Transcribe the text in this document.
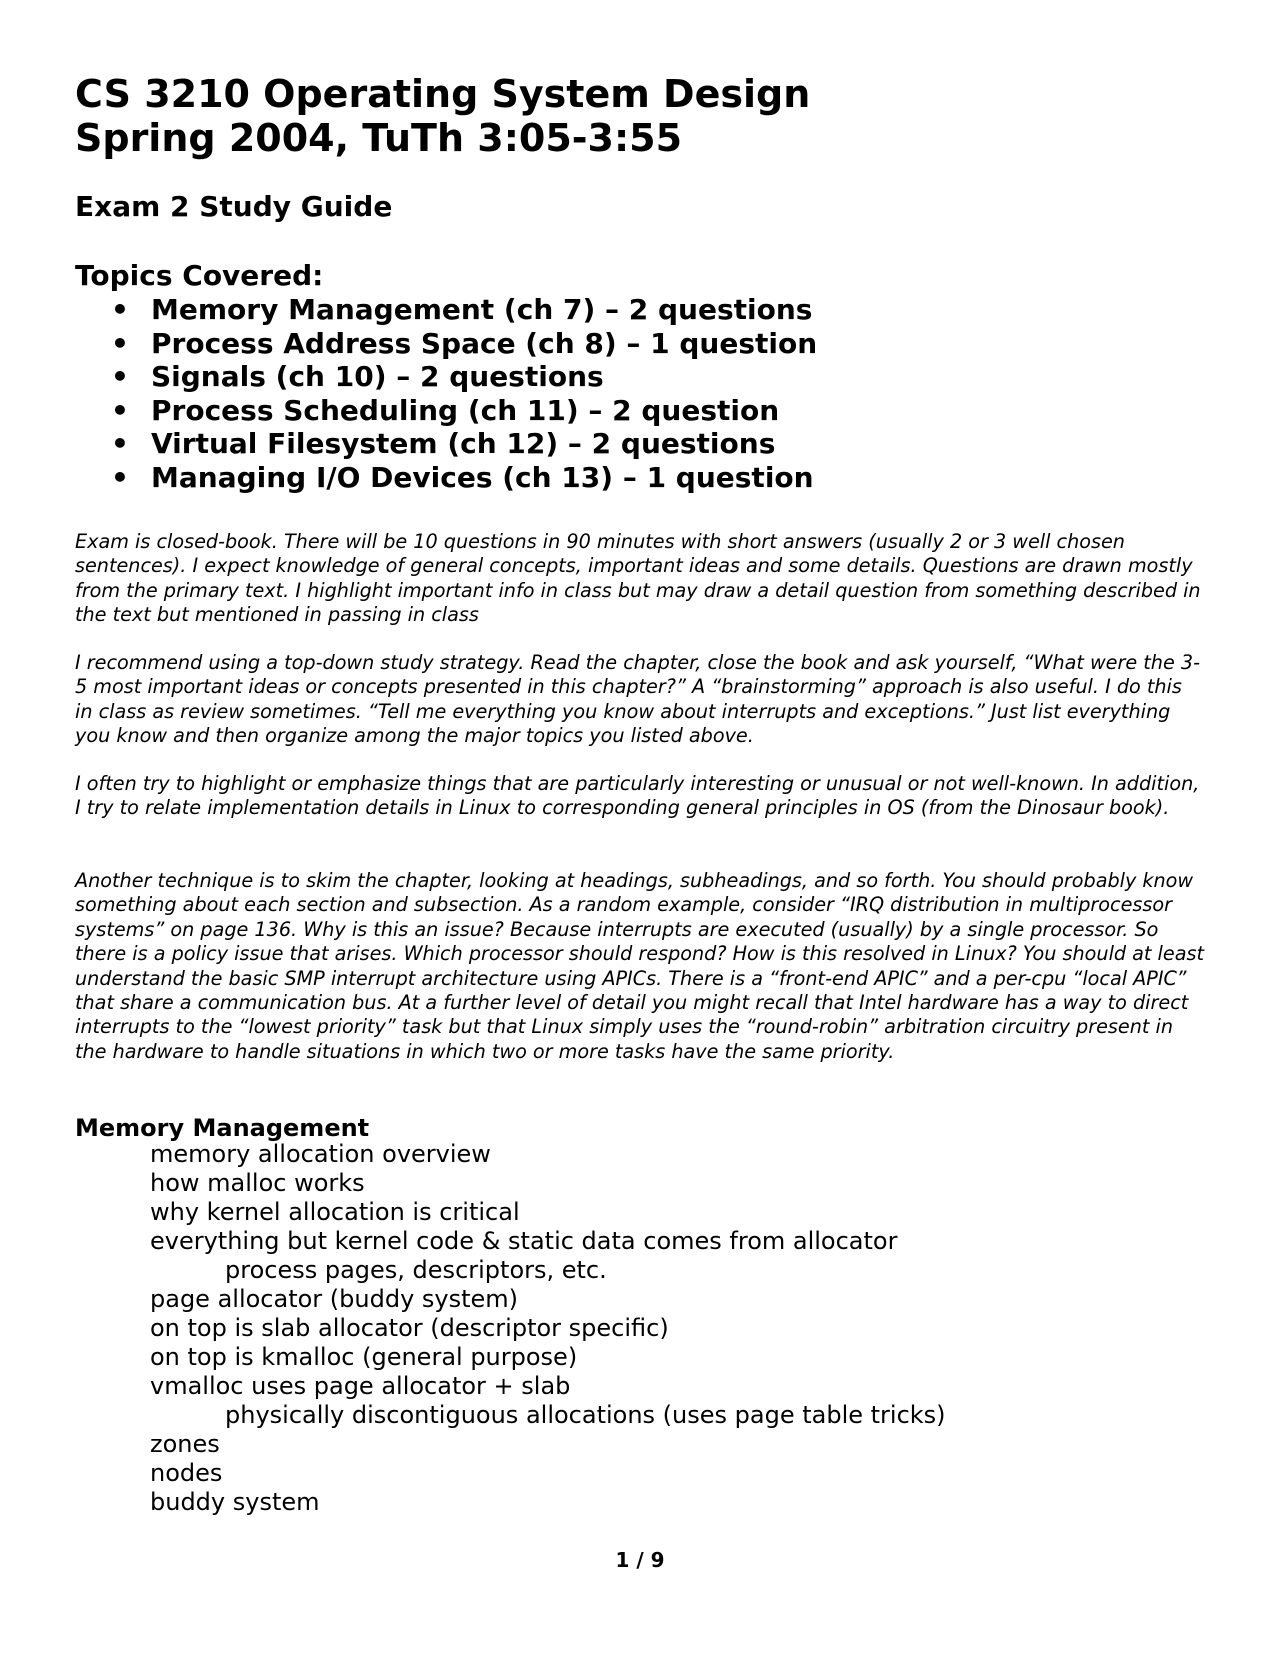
CS 3210 Operating System Design
Spring 2004, TuTh 3:05-3:55
Exam 2 Study Guide
Topics Covered:
• Memory Management (ch 7) – 2 questions
• Process Address Space (ch 8) – 1 question
• Signals (ch 10) – 2 questions
• Process Scheduling (ch 11) – 2 question
• Virtual Filesystem (ch 12) – 2 questions
• Managing I/O Devices (ch 13) – 1 question

Exam is closed-book. There will be 10 questions in 90 minutes with short answers (usually 2 or 3 well chosen sentences). I expect knowledge of general concepts, important ideas and some details. Questions are drawn mostly from the primary text. I highlight important info in class but may draw a detail question from something described in the text but mentioned in passing in class

I recommend using a top-down study strategy. Read the chapter, close the book and ask yourself, “What were the 3-5 most important ideas or concepts presented in this chapter?” A “brainstorming” approach is also useful. I do this in class as review sometimes. “Tell me everything you know about interrupts and exceptions.” Just list everything you know and then organize among the major topics you listed above.

I often try to highlight or emphasize things that are particularly interesting or unusual or not well-known. In addition, I try to relate implementation details in Linux to corresponding general principles in OS (from the Dinosaur book).

Another technique is to skim the chapter, looking at headings, subheadings, and so forth. You should probably know something about each section and subsection. As a random example, consider “IRQ distribution in multiprocessor systems” on page 136. Why is this an issue? Because interrupts are executed (usually) by a single processor. So there is a policy issue that arises. Which processor should respond? How is this resolved in Linux? You should at least understand the basic SMP interrupt architecture using APICs. There is a “front-end APIC” and a per-cpu “local APIC” that share a communication bus. At a further level of detail you might recall that Intel hardware has a way to direct interrupts to the “lowest priority” task but that Linux simply uses the “round-robin” arbitration circuitry present in the hardware to handle situations in which two or more tasks have the same priority.

Memory Management
memory allocation overview
how malloc works
why kernel allocation is critical
everything but kernel code & static data comes from allocator
process pages, descriptors, etc.
page allocator (buddy system)
on top is slab allocator (descriptor specific)
on top is kmalloc (general purpose)
vmalloc uses page allocator + slab
physically discontiguous allocations (uses page table tricks)
zones
nodes
buddy system
1 / 9
